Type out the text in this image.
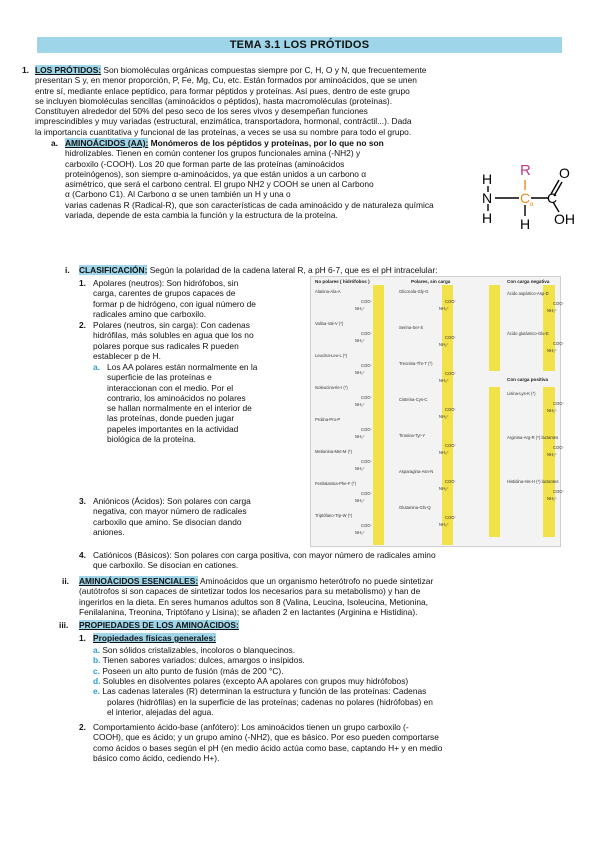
TEMA 3.1 LOS PRÓTIDOS
1. LOS PRÓTIDOS: Son biomoléculas orgánicas compuestas siempre por C, H, O y N, que frecuentemente
presentan S y, en menor proporción, P, Fe, Mg, Cu, etc. Están formados por aminoácidos, que se unen
entre sí, mediante enlace peptídico, para formar péptidos y proteínas. Así pues, dentro de este grupo
se incluyen biomoléculas sencillas (aminoácidos o péptidos), hasta macromoléculas (proteínas).
Constituyen alrededor del 50% del peso seco de los seres vivos y desempeñan funciones
imprescindibles y muy variadas (estructural, enzimática, transportadora, hormonal, contráctil...). Dada
la importancia cuantitativa y funcional de las proteínas, a veces se usa su nombre para todo el grupo.
a. AMINOÁCIDOS (AA): Monómeros de los péptidos y proteínas, por lo que no son
hidrolizables. Tienen en común contener los grupos funcionales amina (-NH2) y
carboxilo (-COOH). Los 20 que forman parte de las proteínas (aminoácidos
proteinógenos), son siempre α-aminoácidos, ya que están unidos a un carbono α
asimétrico, que será el carbono central. El grupo NH2 y COOH se unen al Carbono
α (Carbono C1). Al Carbono α se unen también un H y una o
varias cadenas R (Radical-R), que son características de cada aminoácido y de naturaleza química
variada, depende de esta cambia la función y la estructura de la proteína.
R
H
N
H
C α C
O
OH
H
i. CLASIFICACIÓN: Según la polaridad de la cadena lateral R, a pH 6-7, que es el pH intracelular:
1. Apolares (neutros): Son hidrófobos, sin
carga, carentes de grupos capaces de
formar p de hidrógeno, con igual número de
radicales amino que carboxilo.
2. Polares (neutros, sin carga): Con cadenas
hidrófilas, más solubles en agua que los no
polares porque sus radicales R pueden
establecer p de H.
a. Los AA polares están normalmente en la
superficie de las proteínas e
interaccionan con el medio. Por el
contrario, los aminoácidos no polares
se hallan normalmente en el interior de
las proteínas, donde pueden jugar
papeles importantes en la actividad
biológica de la proteína.
3. Aniónicos (Ácidos): Son polares con carga
negativa, con mayor número de radicales
carboxilo que amino. Se disocian dando
aniones.
4. Catiónicos (Básicos): Son polares con carga positiva, con mayor número de radicales amino
que carboxilo. Se disocian en cationes.
ii. AMINOÁCIDOS ESENCIALES: Aminoácidos que un organismo heterótrofo no puede sintetizar
(autótrofos si son capaces de sintetizar todos los necesarios para su metabolismo) y han de
ingerirlos en la dieta. En seres humanos adultos son 8 (Valina, Leucina, Isoleucina, Metionina,
Fenilalanina, Treonina, Triptófano y Lisina); se añaden 2 en lactantes (Arginina e Histidina).
iii. PROPIEDADES DE LOS AMINOÁCIDOS:
1. Propiedades físicas generales:
a. Son sólidos cristalizables, incoloros o blanquecinos.
b. Tienen sabores variados: dulces, amargos o insípidos.
c. Poseen un alto punto de fusión (más de 200 °C).
d. Solubles en disolventes polares (excepto AA apolares con grupos muy hidrófobos)
e. Las cadenas laterales (R) determinan la estructura y función de las proteínas: Cadenas
polares (hidrófilas) en la superficie de las proteínas; cadenas no polares (hidrófobas) en
el interior, alejadas del agua.
2. Comportamiento ácido-base (anfótero): Los aminoácidos tienen un grupo carboxilo (-
COOH), que es ácido; y un grupo amino (-NH2), que es básico. Por eso pueden comportarse
como ácidos o bases según el pH (en medio ácido actúa como base, captando H+ y en medio
básico como ácido, cediendo H+).
No polares ( hidrófobos )	Polares, sin carga	Con carga negativa
Con carga positiva
Alanina-Ala-A
COO⁻
NH₃⁺
Valina-Val-V (*)
COO⁻
NH₃⁺
Leucina-Leu-L (*)
COO⁻
NH₃⁺
Isoleucina-Ile-I (*)
COO⁻
NH₃⁺
Prolina-Pro-P
COO⁻
NH₃⁺
Metionina-Met-M (*)
COO⁻
NH₃⁺
Fenilalanina-Phe-F (*)
COO⁻
NH₃⁺
Triptófano-Trp-W (*)
COO⁻
NH₃⁺
Glicocola-Gly-G
COO⁻
NH₃⁺
Serina-Ser-S
COO⁻
NH₃⁺
Treonina-Thr-T (*)
COO⁻
NH₃⁺
Cisteína-Cys-C
COO⁻
NH₃⁺
Tirosina-Tyr-Y
COO⁻
NH₃⁺
Asparagina-Asn-N
COO⁻
NH₃⁺
Glutamina-Gln-Q
COO⁻
NH₃⁺
Ácido aspártico-Asp-D
COO⁻
NH₃⁺
Ácido glutámico-Glu-E
COO⁻
NH₃⁺
Lisina-Lys-K (*)
COO⁻
NH₃⁺
Arginina-Arg-R (*) lactantes
COO⁻
NH₃⁺
Histidina-His-H (*) lactantes
COO⁻
NH₃⁺
